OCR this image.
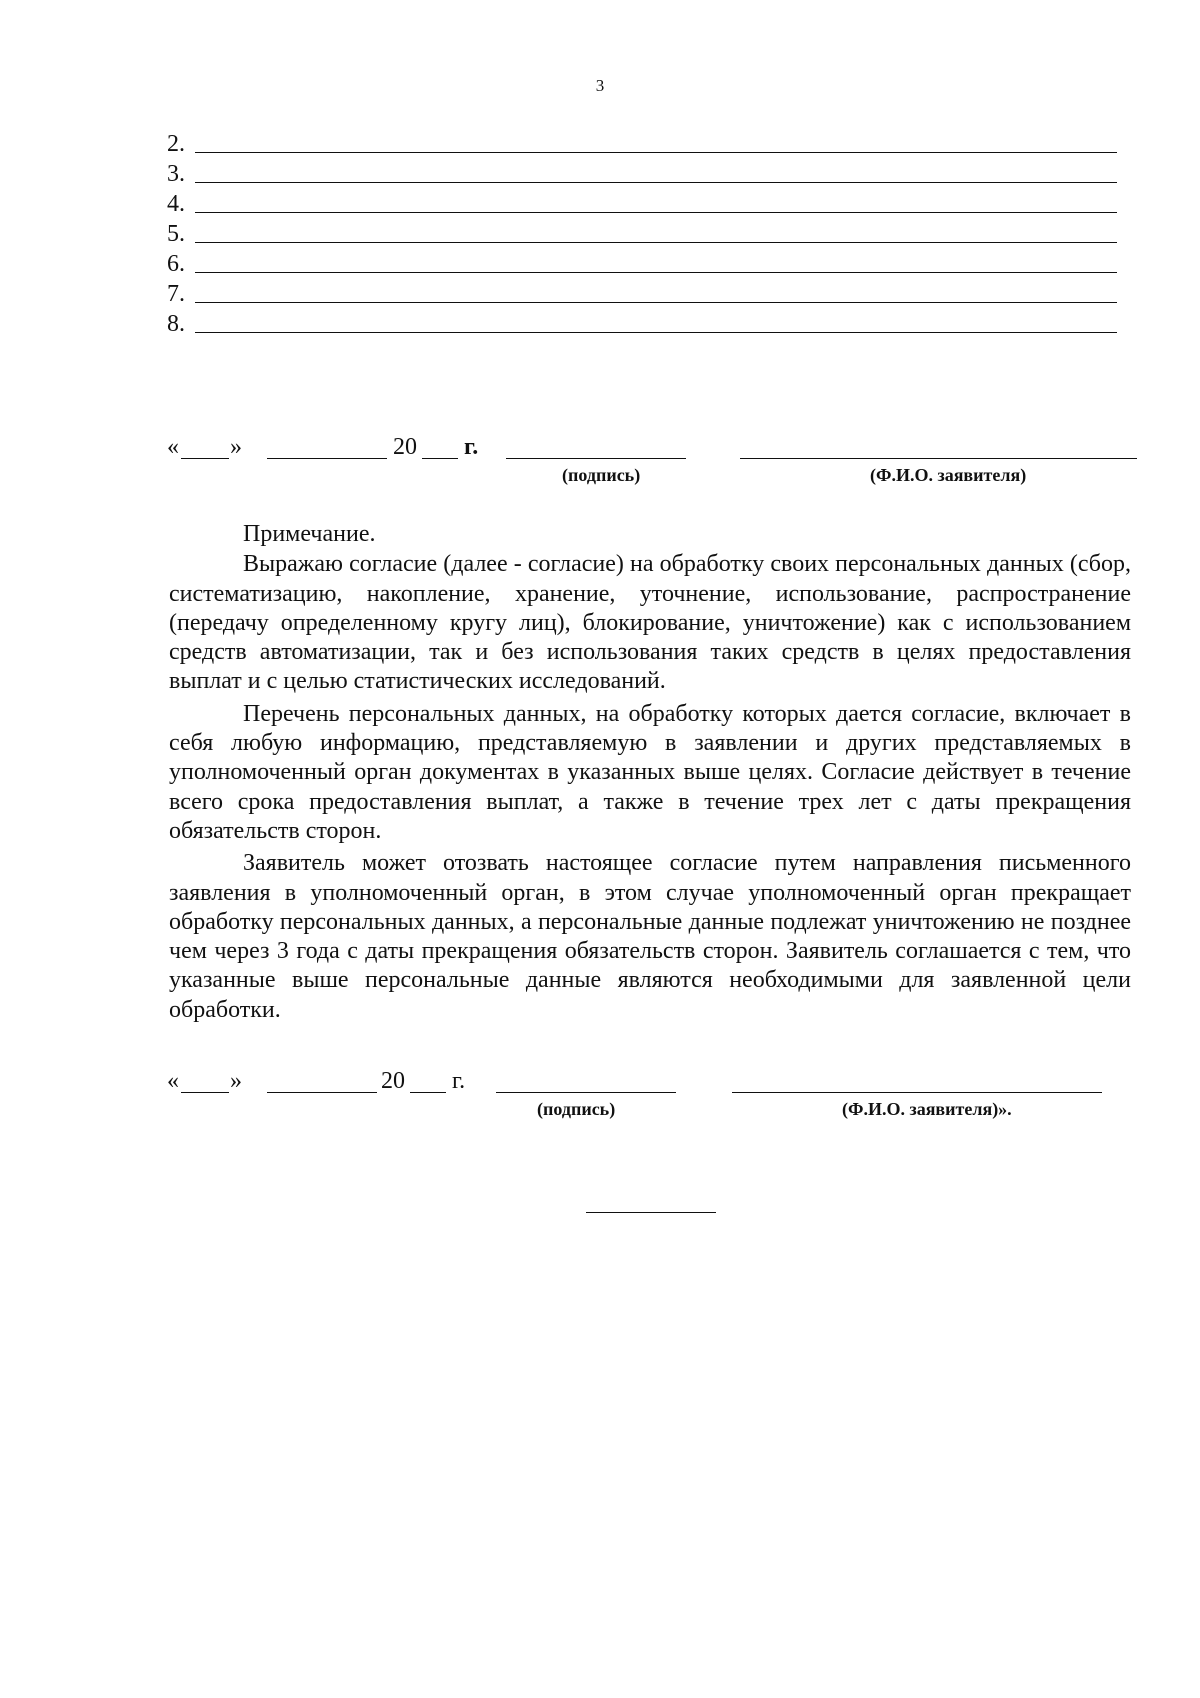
3
2.
3.
4.
5.
6.
7.
8.
« »	20 г.
(подпись)	(Ф.И.О. заявителя)

Примечание.

Выражаю согласие (далее - согласие) на обработку своих персональных данных (сбор, систематизацию, накопление, хранение, уточнение, использование, распространение (передачу определенному кругу лиц), блокирование, уничтожение) как с использованием средств автоматизации, так и без использования таких средств в целях предоставления выплат и с целью статистических исследований.

Перечень персональных данных, на обработку которых дается согласие, включает в себя любую информацию, представляемую в заявлении и других представляемых в уполномоченный орган документах в указанных выше целях. Согласие действует в течение всего срока предоставления выплат, а также в течение трех лет с даты прекращения обязательств сторон.

Заявитель может отозвать настоящее согласие путем направления письменного заявления в уполномоченный орган, в этом случае уполномоченный орган прекращает обработку персональных данных, а персональные данные подлежат уничтожению не позднее чем через 3 года с даты прекращения обязательств сторон. Заявитель соглашается с тем, что указанные выше персональные данные являются необходимыми для заявленной цели обработки.

« »	20 г.
(подпись)	(Ф.И.О. заявителя)».
